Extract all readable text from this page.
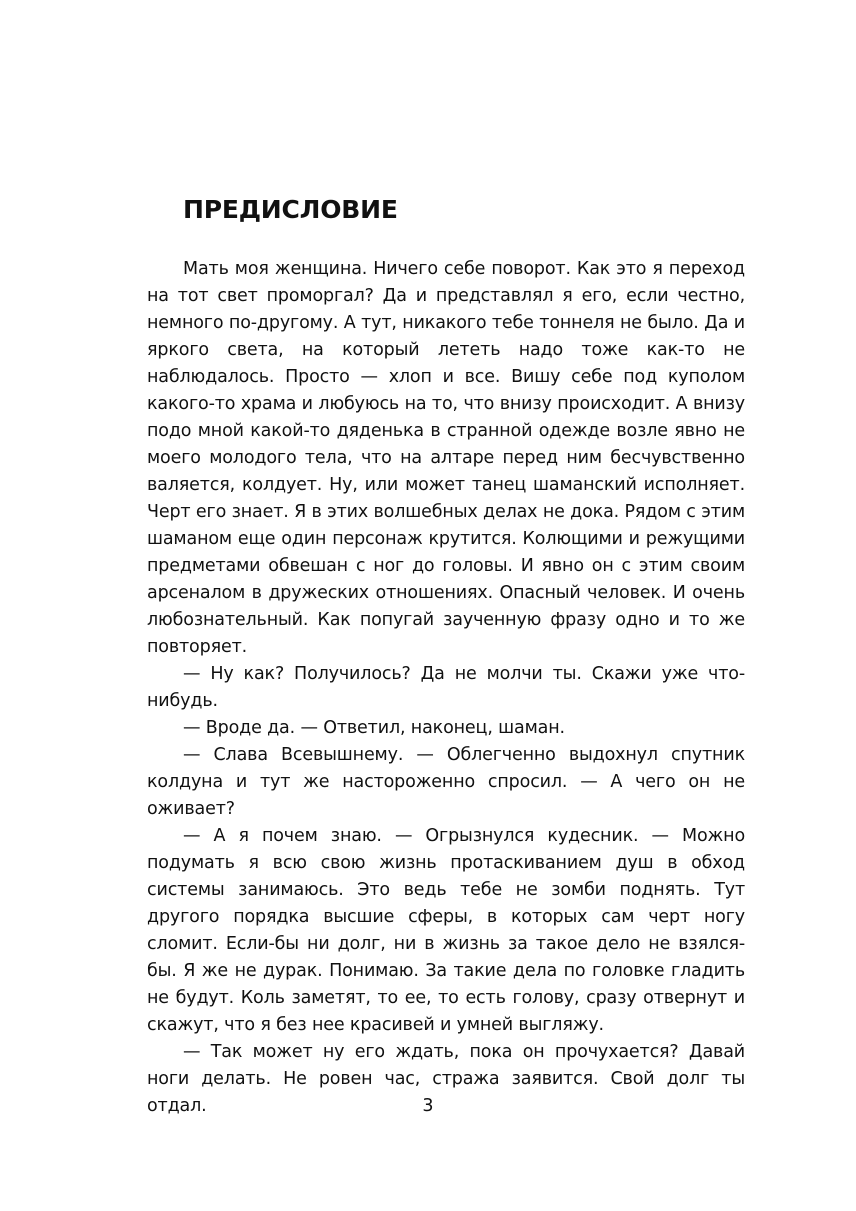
ПРЕДИСЛОВИЕ

Мать моя женщина. Ничего себе поворот. Как это я переход на тот свет проморгал? Да и представлял я его, если честно, немного по-другому. А тут, никакого тебе тоннеля не было. Да и яркого света, на который лететь надо тоже как-то не наблюдалось. Просто — хлоп и все. Вишу себе под куполом какого-то храма и любуюсь на то, что внизу происходит. А внизу подо мной какой-то дяденька в странной одежде возле явно не моего молодого тела, что на алтаре перед ним бесчувственно валяется, колдует. Ну, или может танец шаманский исполняет. Черт его знает. Я в этих волшебных делах не дока. Рядом с этим шаманом еще один персонаж крутится. Колющими и режущими предметами обвешан с ног до головы. И явно он с этим своим арсеналом в дружеских отношениях. Опасный человек. И очень любознательный. Как попугай заученную фразу одно и то же повторяет.

— Ну как? Получилось? Да не молчи ты. Скажи уже что-нибудь.

— Вроде да. — Ответил, наконец, шаман.

— Слава Всевышнему. — Облегченно выдохнул спутник колдуна и тут же настороженно спросил. — А чего он не оживает?

— А я почем знаю. — Огрызнулся кудесник. — Можно подумать я всю свою жизнь протаскиванием душ в обход системы занимаюсь. Это ведь тебе не зомби поднять. Тут другого порядка высшие сферы, в которых сам черт ногу сломит. Если-бы ни долг, ни в жизнь за такое дело не взялся-бы. Я же не дурак. Понимаю. За такие дела по головке гладить не будут. Коль заметят, то ее, то есть голову, сразу отвернут и скажут, что я без нее красивей и умней выгляжу.

— Так может ну его ждать, пока он прочухается? Давай ноги делать. Не ровен час, стража заявится. Свой долг ты отдал.	3
